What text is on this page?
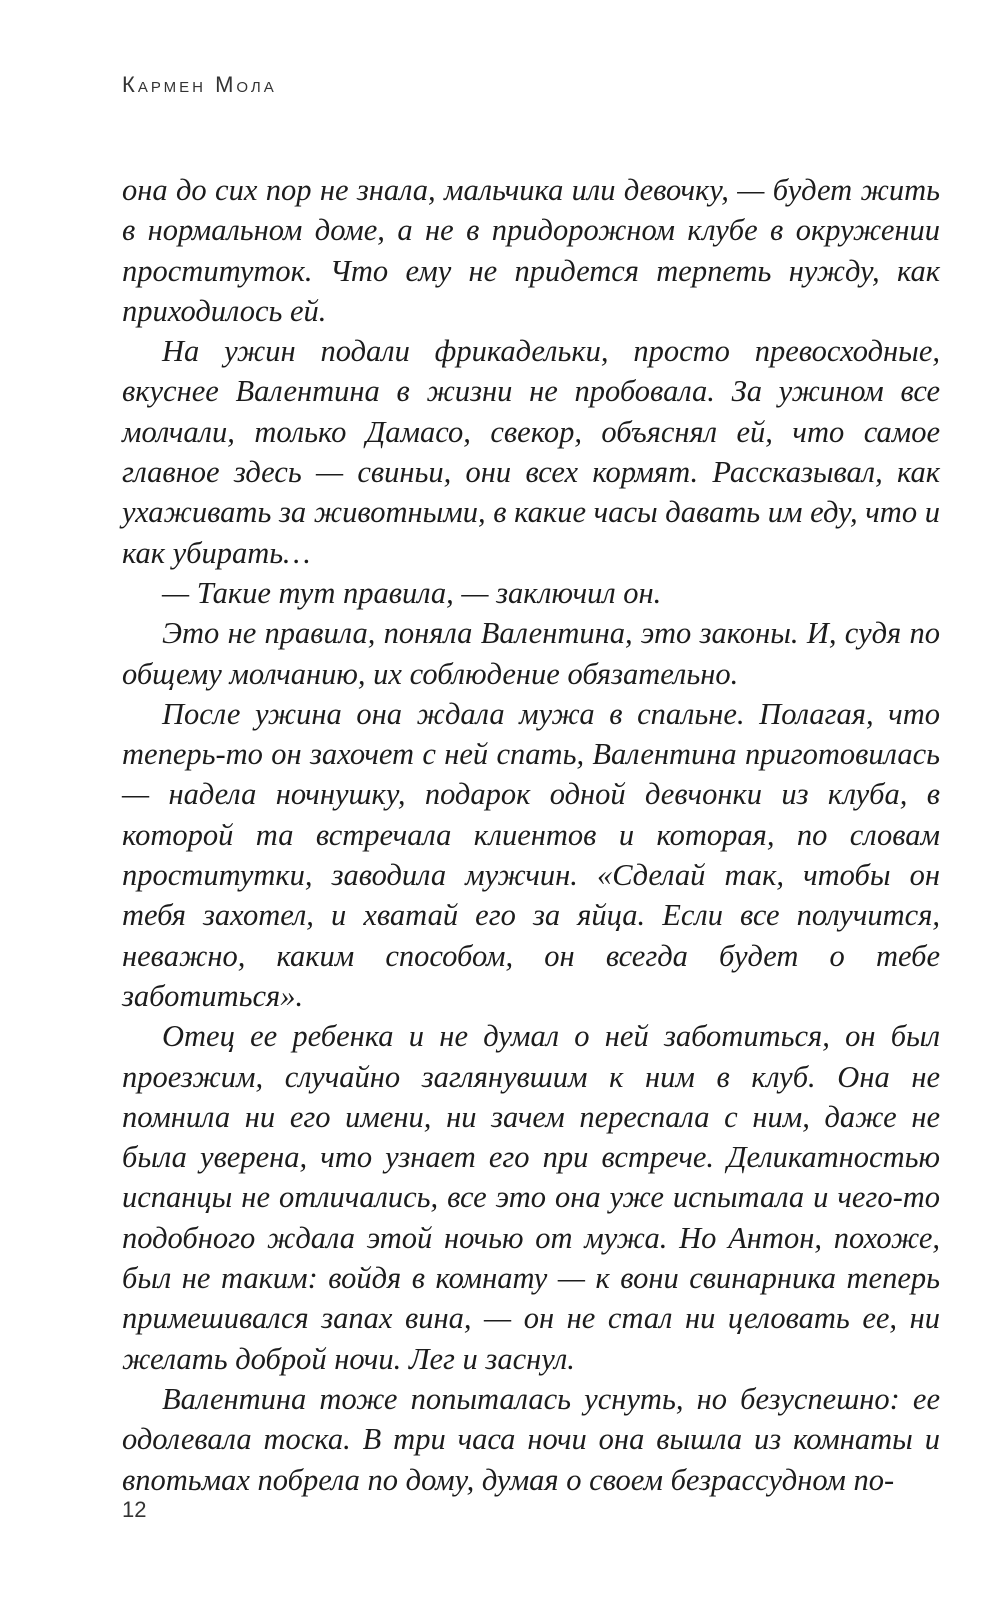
Кармен Мола

она до сих пор не знала, мальчика или девочку, — будет жить в нормальном доме, а не в придорожном клубе в окружении проституток. Что ему не придется терпеть нужду, как приходилось ей.

На ужин подали фрикадельки, просто превосходные, вкуснее Валентина в жизни не пробовала. За ужином все молчали, только Дамасо, свекор, объяснял ей, что самое главное здесь — свиньи, они всех кормят. Рассказывал, как ухаживать за животными, в какие часы давать им еду, что и как убирать…

— Такие тут правила, — заключил он.

Это не правила, поняла Валентина, это законы. И, судя по общему молчанию, их соблюдение обязательно.

После ужина она ждала мужа в спальне. Полагая, что теперь-то он захочет с ней спать, Валентина приготовилась — надела ночнушку, подарок одной девчонки из клуба, в которой та встречала клиентов и которая, по словам проститутки, заводила мужчин. «Сделай так, чтобы он тебя захотел, и хватай его за яйца. Если все получится, неважно, каким способом, он всегда будет о тебе заботиться».

Отец ее ребенка и не думал о ней заботиться, он был проезжим, случайно заглянувшим к ним в клуб. Она не помнила ни его имени, ни зачем переспала с ним, даже не была уверена, что узнает его при встрече. Деликатностью испанцы не отличались, все это она уже испытала и чего-то подобного ждала этой ночью от мужа. Но Антон, похоже, был не таким: войдя в комнату — к вони свинарника теперь примешивался запах вина, — он не стал ни целовать ее, ни желать доброй ночи. Лег и заснул.

Валентина тоже попыталась уснуть, но безуспешно: ее одолевала тоска. В три часа ночи она вышла из комнаты и впотьмах побрела по дому, думая о своем безрассудном по-

12
